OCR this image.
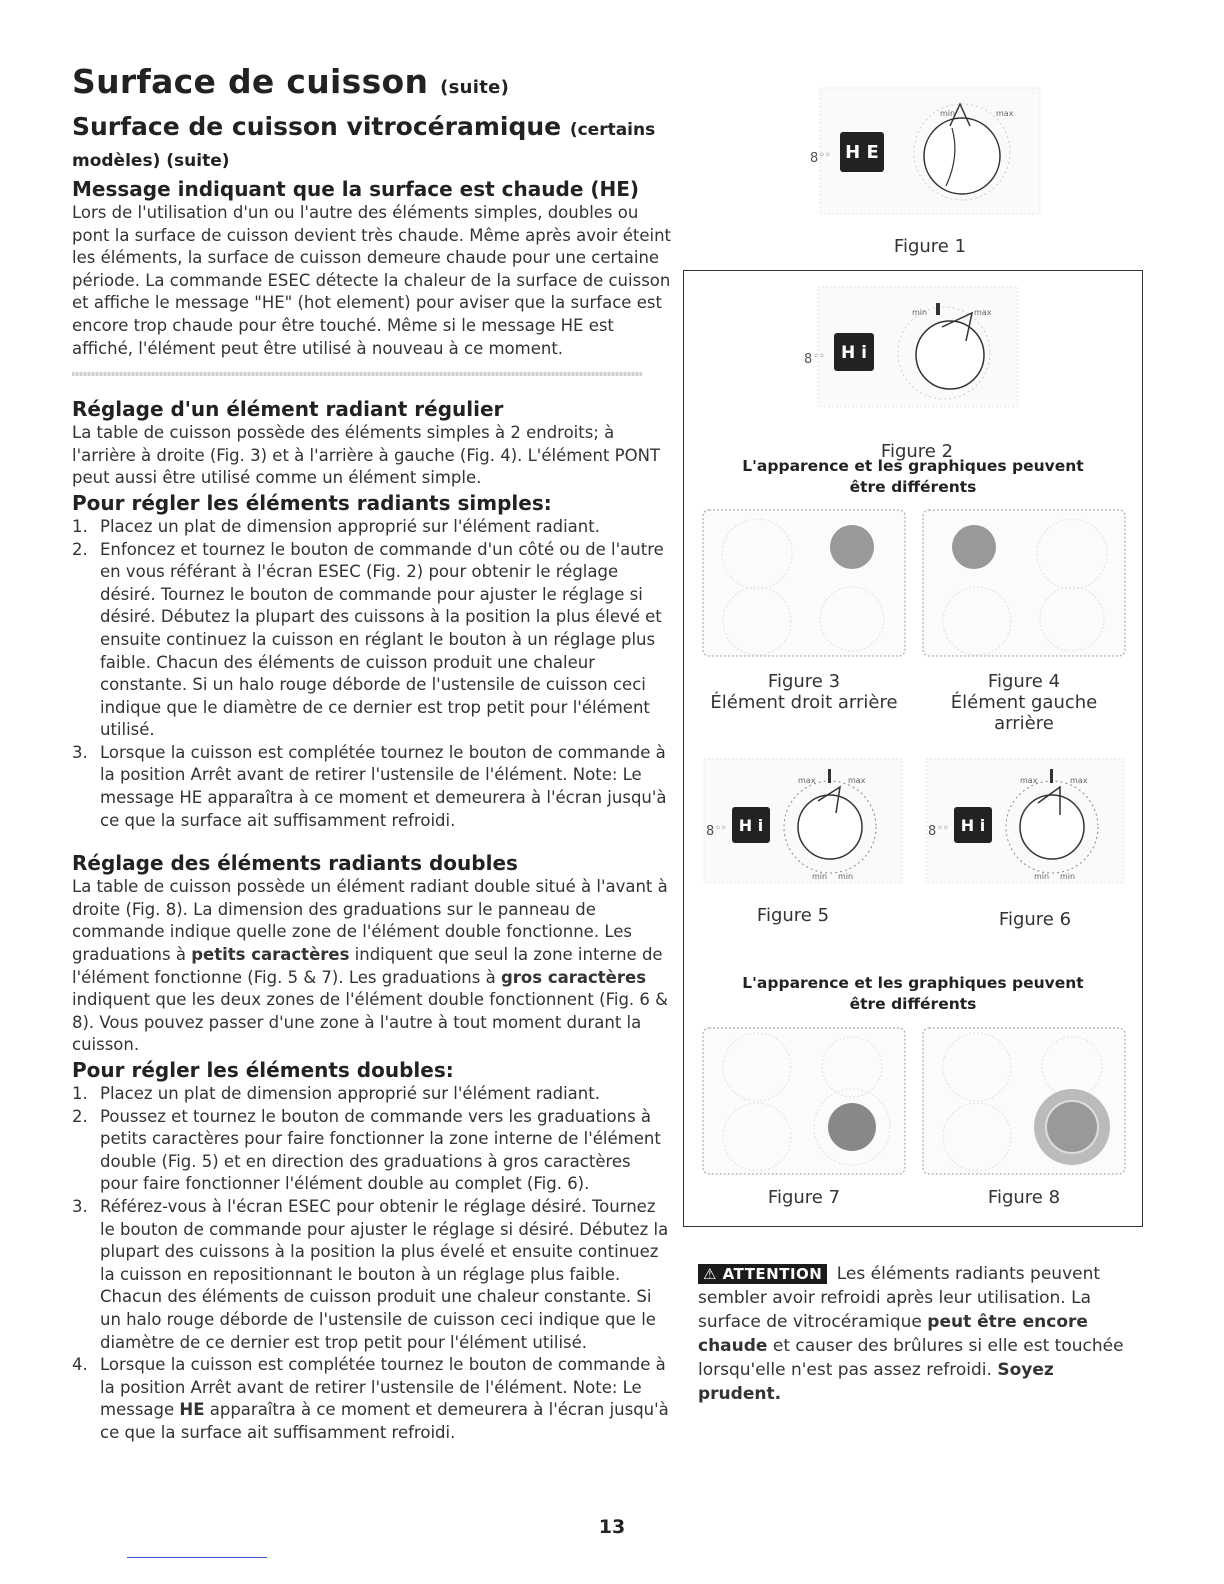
Surface de cuisson (suite)
Surface de cuisson vitrocéramique (certains
modèles) (suite)
Message indiquant que la surface est chaude (HE)

Lors de l'utilisation d'un ou l'autre des éléments simples, doubles ou pont la surface de cuisson devient très chaude. Même après avoir éteint les éléments, la surface de cuisson demeure chaude pour une certaine période. La commande ESEC détecte la chaleur de la surface de cuisson et affiche le message "HE" (hot element) pour aviser que la surface est encore trop chaude pour être touché. Même si le message HE est affiché, l'élément peut être utilisé à nouveau à ce moment.

Réglage d'un élément radiant régulier

La table de cuisson possède des éléments simples à 2 endroits; à l'arrière à droite (Fig. 3) et à l'arrière à gauche (Fig. 4). L'élément PONT peut aussi être utilisé comme un élément simple.

Pour régler les éléments radiants simples:
1. Placez un plat de dimension approprié sur l'élément radiant.
2. Enfoncez et tournez le bouton de commande d'un côté ou de l'autre en vous référant à l'écran ESEC (Fig. 2) pour obtenir le réglage désiré. Tournez le bouton de commande pour ajuster le réglage si désiré. Débutez la plupart des cuissons à la position la plus élevé et ensuite continuez la cuisson en réglant le bouton à un réglage plus faible. Chacun des éléments de cuisson produit une chaleur constante. Si un halo rouge déborde de l'ustensile de cuisson ceci indique que le diamètre de ce dernier est trop petit pour l'élément utilisé.
3. Lorsque la cuisson est complétée tournez le bouton de commande à la position Arrêt avant de retirer l'ustensile de l'élément. Note: Le message HE apparaîtra à ce moment et demeurera à l'écran jusqu'à ce que la surface ait suffisamment refroidi.
Réglage des éléments radiants doubles

La table de cuisson possède un élément radiant double situé à l'avant à droite (Fig. 8). La dimension des graduations sur le panneau de commande indique quelle zone de l'élément double fonctionne. Les graduations à petits caractères indiquent que seul la zone interne de l'élément fonctionne (Fig. 5 & 7). Les graduations à gros caractères indiquent que les deux zones de l'élément double fonctionnent (Fig. 6 & 8). Vous pouvez passer d'une zone à l'autre à tout moment durant la cuisson.

Pour régler les éléments doubles:
1. Placez un plat de dimension approprié sur l'élément radiant.
2. Poussez et tournez le bouton de commande vers les graduations à petits caractères pour faire fonctionner la zone interne de l'élément double (Fig. 5) et en direction des graduations à gros caractères pour faire fonctionner l'élément double au complet (Fig. 6).
3. Référez-vous à l'écran ESEC pour obtenir le réglage désiré. Tournez le bouton de commande pour ajuster le réglage si désiré. Débutez la plupart des cuissons à la position la plus évelé et ensuite continuez la cuisson en repositionnant le bouton à un réglage plus faible. Chacun des éléments de cuisson produit une chaleur constante. Si un halo rouge déborde de l'ustensile de cuisson ceci indique que le diamètre de ce dernier est trop petit pour l'élément utilisé.
4. Lorsque la cuisson est complétée tournez le bouton de commande à la position Arrêt avant de retirer l'ustensile de l'élément. Note: Le message HE apparaîtra à ce moment et demeurera à l'écran jusqu'à ce que la surface ait suffisamment refroidi.
8 ◦◦ H E
min	max
Figure 1
8 ◦◦ H i
min	max
Figure 2
L'apparence et les graphiques peuvent
être différents
Figure 3
Élément droit arrière
Figure 4
Élément gauche arrière
8 ◦◦ H i
max	max
min min
Figure 5
8 ◦◦ H i
max	max
min min
Figure 6
L'apparence et les graphiques peuvent
être différents
Figure 7	Figure 8
⚠ ATTENTION Les éléments radiants peuvent sembler avoir refroidi après leur utilisation. La surface de vitrocéramique peut être encore chaude et causer des brûlures si elle est touchée lorsqu'elle n'est pas assez refroidi. Soyez prudent.
13
